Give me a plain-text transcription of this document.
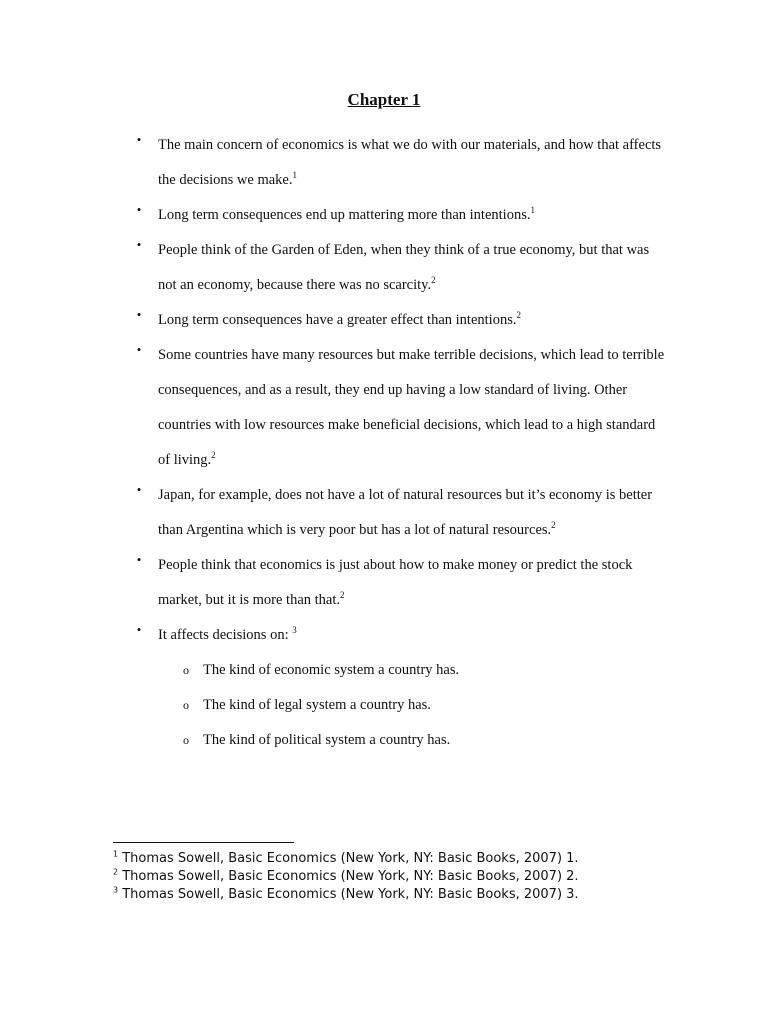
Chapter 1
• The main concern of economics is what we do with our materials, and how that affects the decisions we make.$^1$
• Long term consequences end up mattering more than intentions.$^1$
• People think of the Garden of Eden, when they think of a true economy, but that was not an economy, because there was no scarcity.$^2$
• Long term consequences have a greater effect than intentions.$^2$
• Some countries have many resources but make terrible decisions, which lead to terrible consequences, and as a result, they end up having a low standard of living. Other countries with low resources make beneficial decisions, which lead to a high standard of living.$^2$
• Japan, for example, does not have a lot of natural resources but it’s economy is better than Argentina which is very poor but has a lot of natural resources.$^2$
• People think that economics is just about how to make money or predict the stock market, but it is more than that.$^2$
• It affects decisions on: $^3$
o The kind of economic system a country has.
o The kind of legal system a country has.
o The kind of political system a country has.
$^1$ Thomas Sowell, Basic Economics (New York, NY: Basic Books, 2007) 1.
$^2$ Thomas Sowell, Basic Economics (New York, NY: Basic Books, 2007) 2.
$^3$ Thomas Sowell, Basic Economics (New York, NY: Basic Books, 2007) 3.
